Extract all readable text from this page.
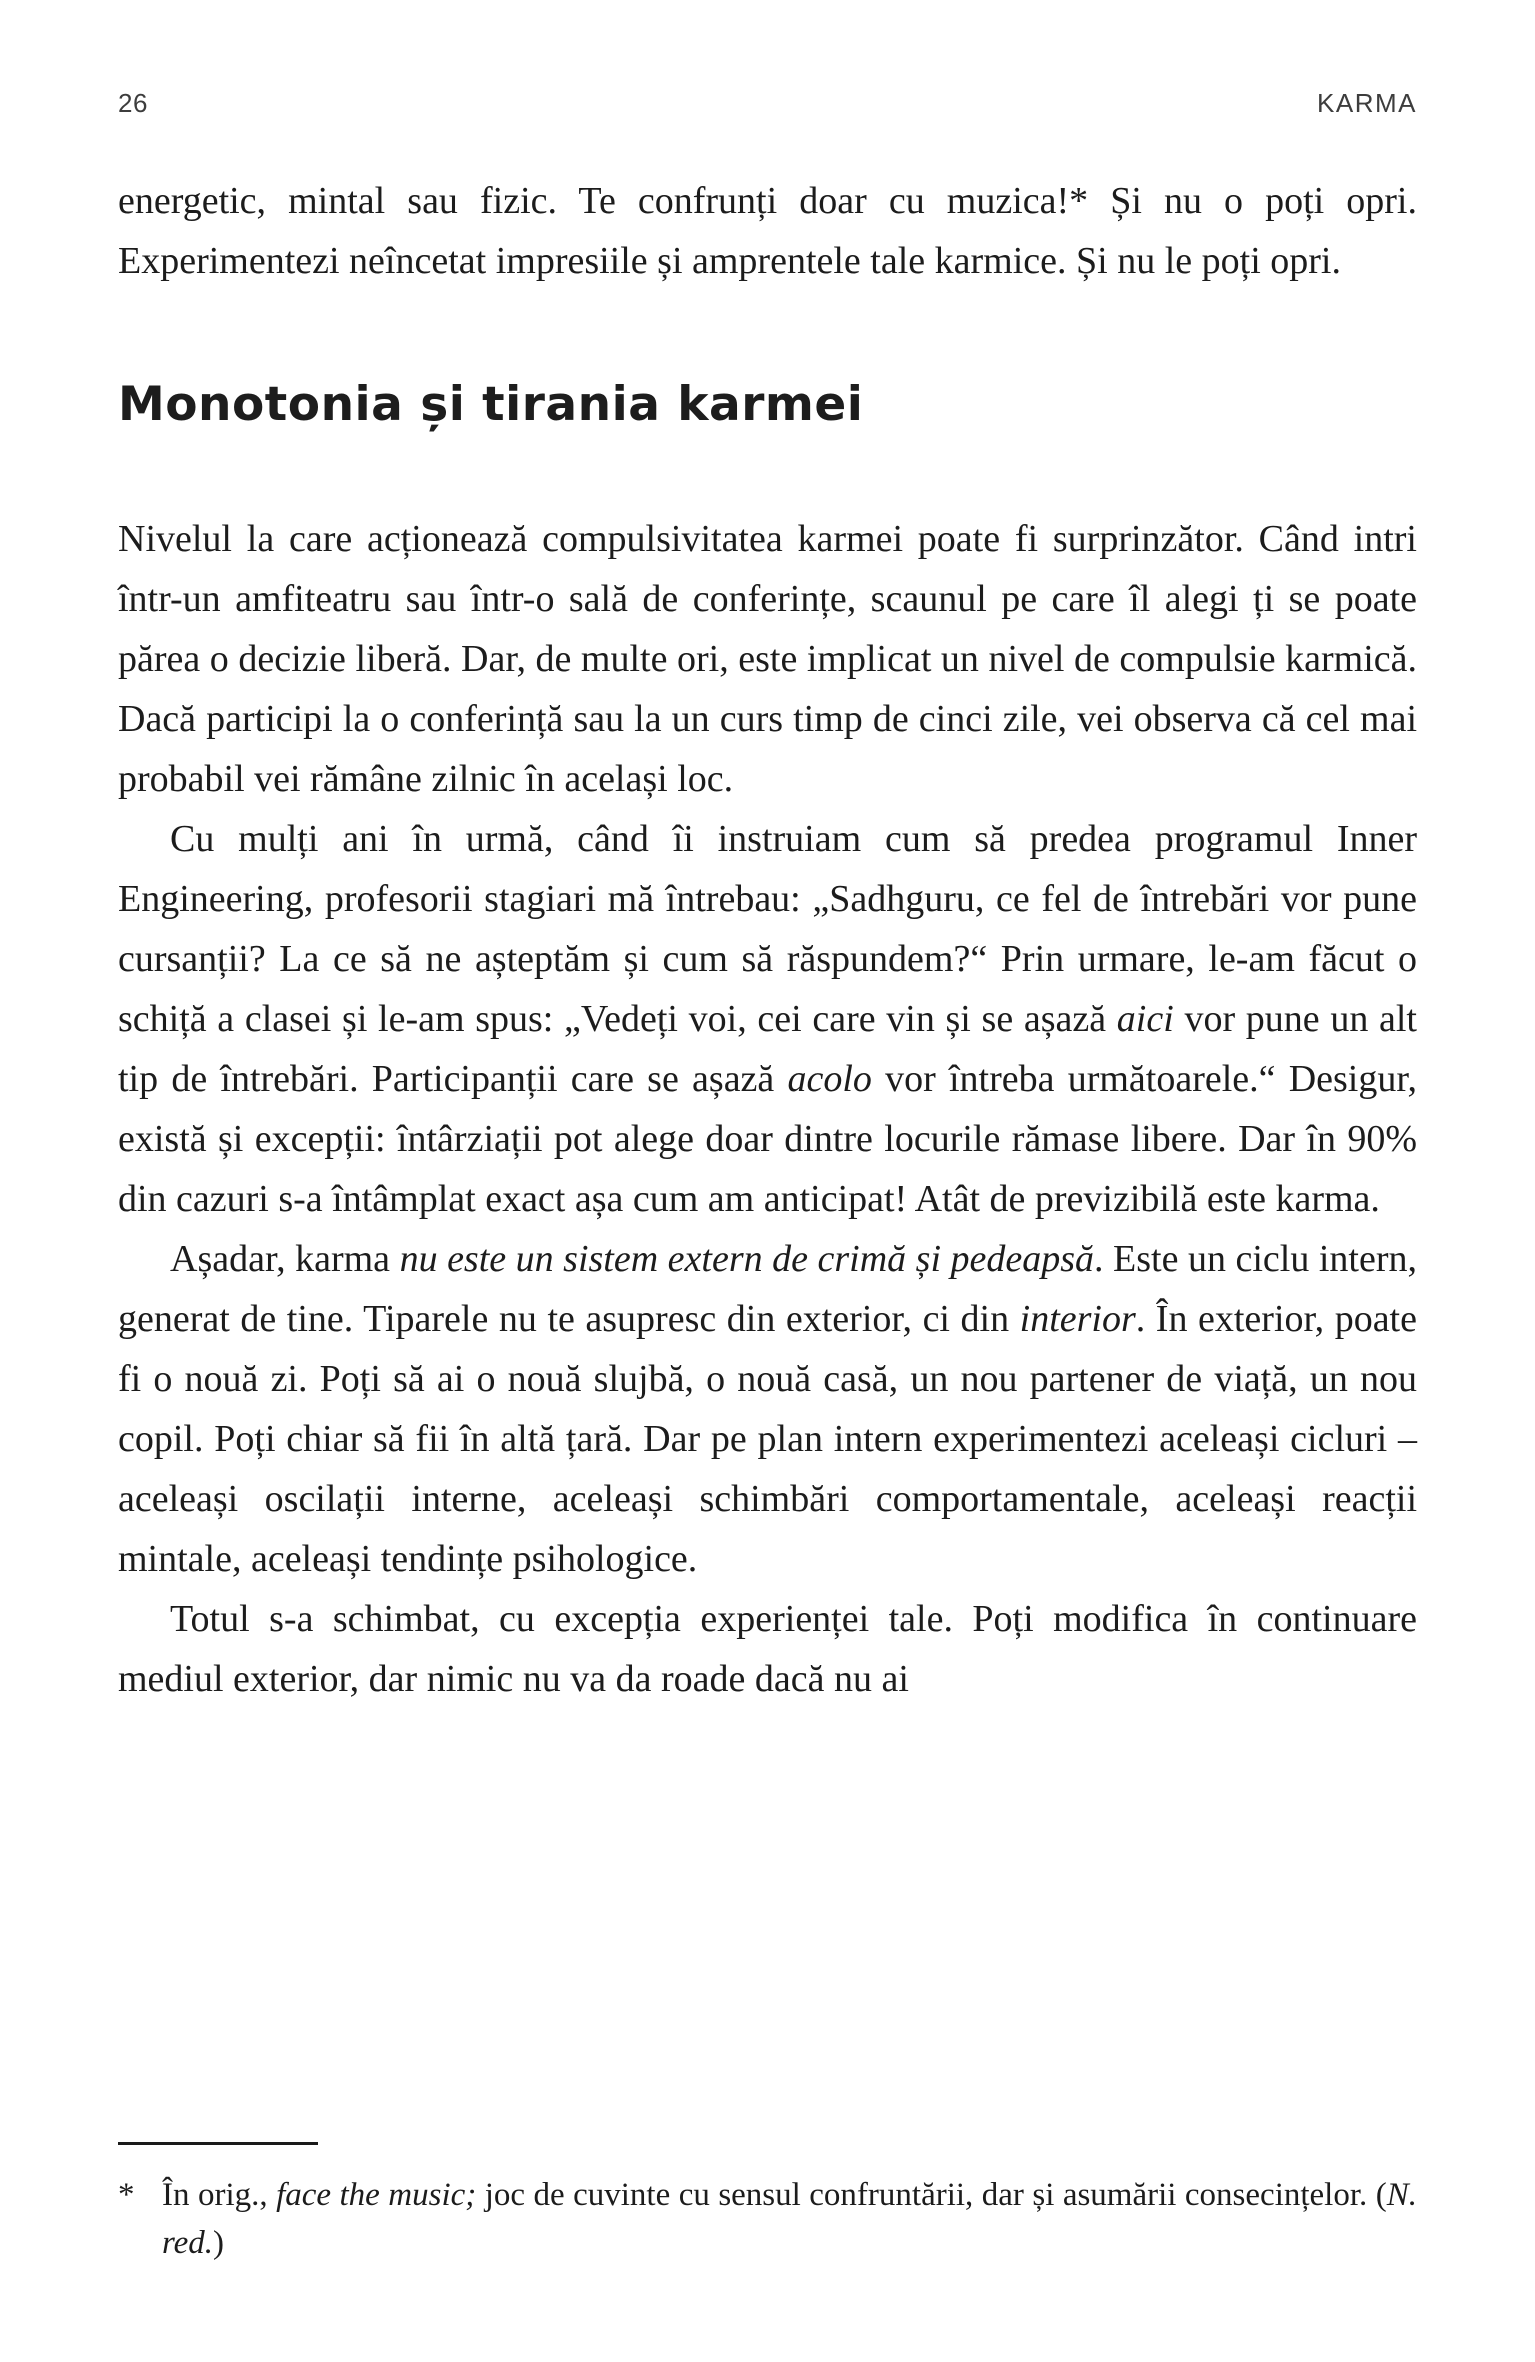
26	KARMA

energetic, mintal sau fizic. Te confrunți doar cu muzica!* Și nu o poți opri. Experimentezi neîncetat impresiile și amprentele tale karmice. Și nu le poți opri.

Monotonia și tirania karmei

Nivelul la care acționează compulsivitatea karmei poate fi surprinzător. Când intri într-un amfiteatru sau într-o sală de conferințe, scaunul pe care îl alegi ți se poate părea o decizie liberă. Dar, de multe ori, este implicat un nivel de compulsie karmică. Dacă participi la o conferință sau la un curs timp de cinci zile, vei observa că cel mai probabil vei rămâne zilnic în același loc.

Cu mulți ani în urmă, când îi instruiam cum să predea programul Inner Engineering, profesorii stagiari mă întrebau: „Sadhguru, ce fel de întrebări vor pune cursanții? La ce să ne așteptăm și cum să răspundem?“ Prin urmare, le-am făcut o schiță a clasei și le-am spus: „Vedeți voi, cei care vin și se așază aici vor pune un alt tip de întrebări. Participanții care se așază acolo vor întreba următoarele.“ Desigur, există și excepții: întârziații pot alege doar dintre locurile rămase libere. Dar în 90% din cazuri s-a întâmplat exact așa cum am anticipat! Atât de previzibilă este karma.

Așadar, karma nu este un sistem extern de crimă și pedeapsă. Este un ciclu intern, generat de tine. Tiparele nu te asupresc din exterior, ci din interior. În exterior, poate fi o nouă zi. Poți să ai o nouă slujbă, o nouă casă, un nou partener de viață, un nou copil. Poți chiar să fii în altă țară. Dar pe plan intern experimentezi aceleași cicluri – aceleași oscilații interne, aceleași schimbări comportamentale, aceleași reacții mintale, aceleași tendințe psihologice.

Totul s-a schimbat, cu excepția experienței tale. Poți modifica în continuare mediul exterior, dar nimic nu va da roade dacă nu ai

* În orig., face the music; joc de cuvinte cu sensul confruntării, dar și asumării consecințelor. (N. red.)
